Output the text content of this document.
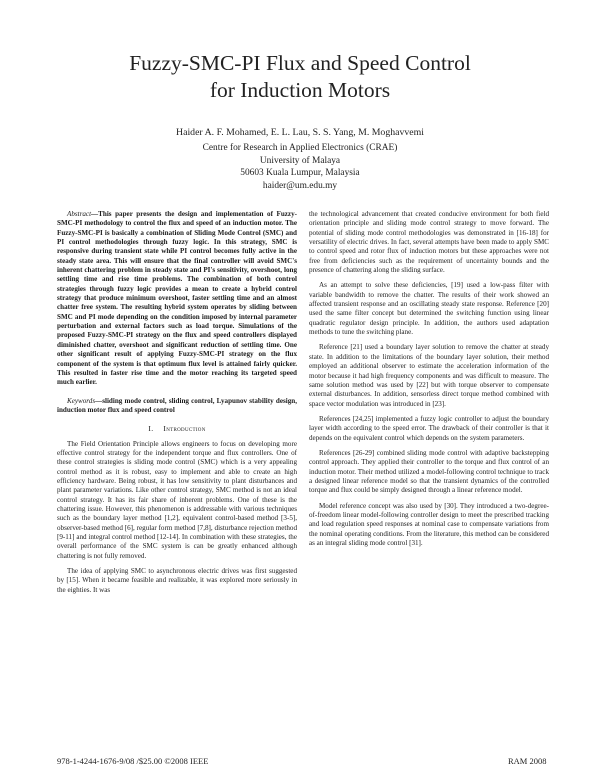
Fuzzy-SMC-PI Flux and Speed Control
for Induction Motors
Haider A. F. Mohamed, E. L. Lau, S. S. Yang, M. Moghavvemi
Centre for Research in Applied Electronics (CRAE)
University of Malaya
50603 Kuala Lumpur, Malaysia
haider@um.edu.my

Abstract—This paper presents the design and implementation of Fuzzy-SMC-PI methodology to control the flux and speed of an induction motor. The Fuzzy-SMC-PI is basically a combination of Sliding Mode Control (SMC) and PI control methodologies through fuzzy logic. In this strategy, SMC is responsive during transient state while PI control becomes fully active in the steady state area. This will ensure that the final controller will avoid SMC's inherent chattering problem in steady state and PI's sensitivity, overshoot, long settling time and rise time problems. The combination of both control strategies through fuzzy logic provides a mean to create a hybrid control strategy that produce minimum overshoot, faster settling time and an almost chatter free system. The resulting hybrid system operates by sliding between SMC and PI mode depending on the condition imposed by internal parameter perturbation and external factors such as load torque. Simulations of the proposed Fuzzy-SMC-PI strategy on the flux and speed controllers displayed diminished chatter, overshoot and significant reduction of settling time. One other significant result of applying Fuzzy-SMC-PI strategy on the flux component of the system is that optimum flux level is attained fairly quicker. This resulted in faster rise time and the motor reaching its targeted speed much earlier.

Keywords—sliding mode control, sliding control, Lyapunov stability design, induction motor flux and speed control

I. Introduction

The Field Orientation Principle allows engineers to focus on developing more effective control strategy for the independent torque and flux controllers. One of these control strategies is sliding mode control (SMC) which is a very appealing control method as it is robust, easy to implement and able to create an high efficiency hardware. Being robust, it has low sensitivity to plant disturbances and plant parameter variations. Like other control strategy, SMC method is not an ideal control strategy. It has its fair share of inherent problems. One of these is the chattering issue. However, this phenomenon is addressable with various techniques such as the boundary layer method [1,2], equivalent control-based method [3-5], observer-based method [6], regular form method [7,8], disturbance rejection method [9-11] and integral control method [12-14]. In combination with these strategies, the overall performance of the SMC system is can be greatly enhanced although chattering is not fully removed.

The idea of applying SMC to asynchronous electric drives was first suggested by [15]. When it became feasible and realizable, it was explored more seriously in the eighties. It was

the technological advancement that created conducive environment for both field orientation principle and sliding mode control strategy to move forward. The potential of sliding mode control methodologies was demonstrated in [16-18] for versatility of electric drives. In fact, several attempts have been made to apply SMC to control speed and rotor flux of induction motors but these approaches were not free from deficiencies such as the requirement of uncertainty bounds and the presence of chattering along the sliding surface.

As an attempt to solve these deficiencies, [19] used a low-pass filter with variable bandwidth to remove the chatter. The results of their work showed an affected transient response and an oscillating steady state response. Reference [20] used the same filter concept but determined the switching function using linear quadratic regulator design principle. In addition, the authors used adaptation methods to tune the switching plane.

Reference [21] used a boundary layer solution to remove the chatter at steady state. In addition to the limitations of the boundary layer solution, their method employed an additional observer to estimate the acceleration information of the motor because it had high frequency components and was difficult to measure. The same solution method was used by [22] but with torque observer to compensate external disturbances. In addition, sensorless direct torque method combined with space vector modulation was introduced in [23].

References [24,25] implemented a fuzzy logic controller to adjust the boundary layer width according to the speed error. The drawback of their controller is that it depends on the equivalent control which depends on the system parameters.

References [26-29] combined sliding mode control with adaptive backstepping control approach. They applied their controller to the torque and flux control of an induction motor. Their method utilized a model-following control technique to track a designed linear reference model so that the transient dynamics of the controlled torque and flux could be simply designed through a linear reference model.

Model reference concept was also used by [30]. They introduced a two-degree-of-freedom linear model-following controller design to meet the prescribed tracking and load regulation speed responses at nominal case to compensate variations from the nominal operating conditions. From the literature, this method can be considered as an integral sliding mode control [31].

978-1-4244-1676-9/08 /$25.00 ©2008 IEEE	RAM 2008
